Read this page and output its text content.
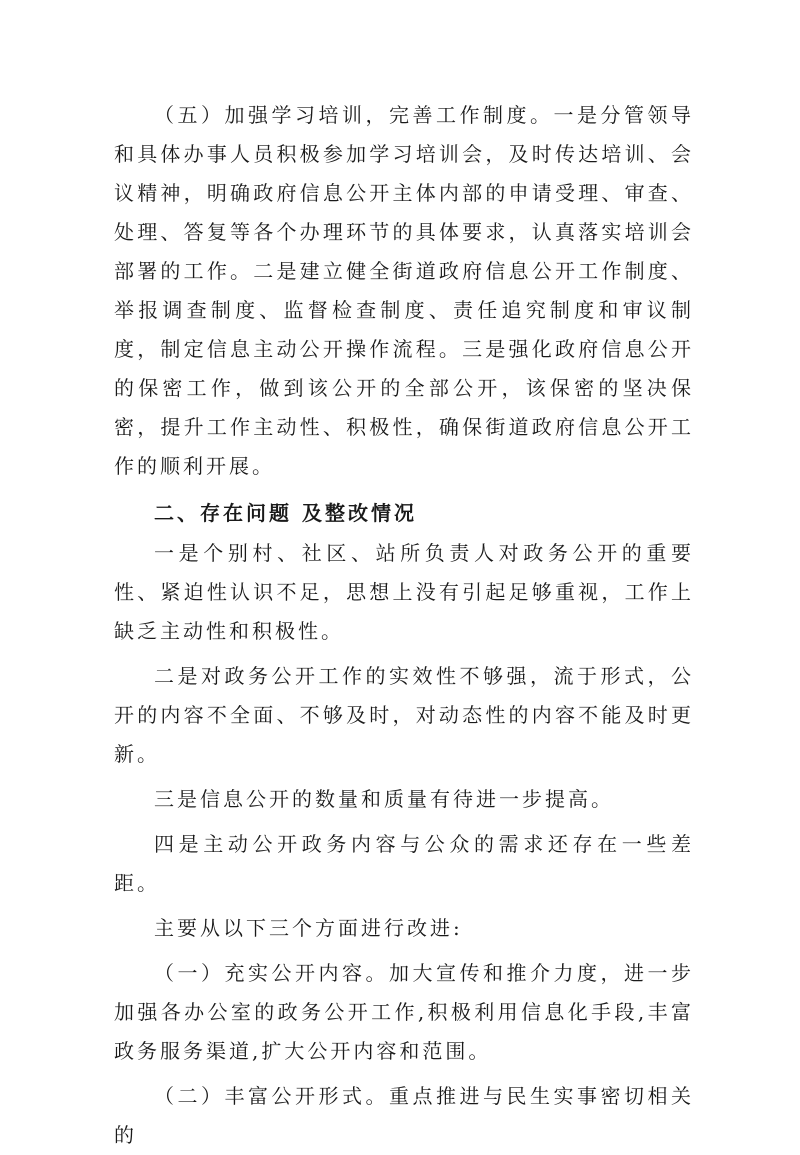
（五）加强学习培训，完善工作制度。一是分管领导和具体办事人员积极参加学习培训会，及时传达培训、会议精神，明确政府信息公开主体内部的申请受理、审查、处理、答复等各个办理环节的具体要求，认真落实培训会部署的工作。二是建立健全街道政府信息公开工作制度、举报调查制度、监督检查制度、责任追究制度和审议制度，制定信息主动公开操作流程。三是强化政府信息公开的保密工作，做到该公开的全部公开，该保密的坚决保密，提升工作主动性、积极性，确保街道政府信息公开工作的顺利开展。

二、存在问题 及整改情况

一是个别村、社区、站所负责人对政务公开的重要性、紧迫性认识不足，思想上没有引起足够重视，工作上缺乏主动性和积极性。

二是对政务公开工作的实效性不够强，流于形式，公开的内容不全面、不够及时，对动态性的内容不能及时更新。

三是信息公开的数量和质量有待进一步提高。

四是主动公开政务内容与公众的需求还存在一些差距。

主要从以下三个方面进行改进:

（一）充实公开内容。加大宣传和推介力度，进一步加强各办公室的政务公开工作,积极利用信息化手段,丰富政务服务渠道,扩大公开内容和范围。

（二）丰富公开形式。重点推进与民生实事密切相关的
